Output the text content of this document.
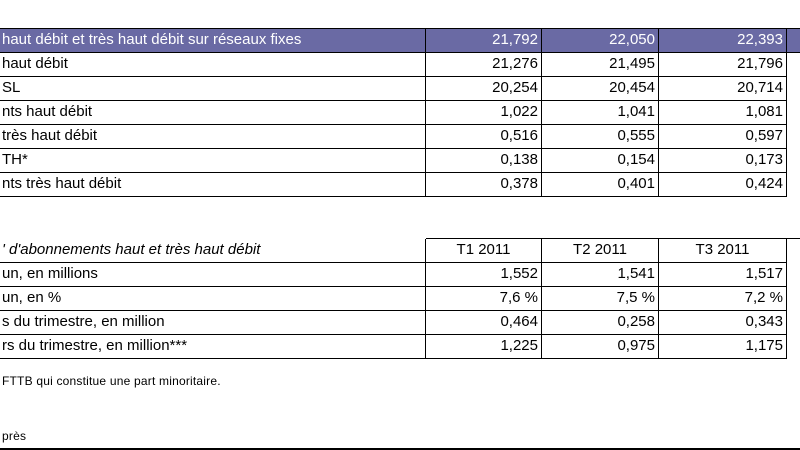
haut débit et très haut débit sur réseaux fixes	21,792	22,050	22,393
haut débit	21,276	21,495	21,796
SL	20,254	20,454	20,714
nts haut débit	1,022	1,041	1,081
très haut débit	0,516	0,555	0,597
TH*	0,138	0,154	0,173
nts très haut débit	0,378	0,401	0,424
' d'abonnements haut et très haut débit	T1 2011	T2 2011	T3 2011
un, en millions	1,552	1,541	1,517
un, en %	7,6 %	7,5 %	7,2 %
s du trimestre, en million	0,464	0,258	0,343
rs du trimestre, en million***	1,225	0,975	1,175
FTTB qui constitue une part minoritaire.
près
